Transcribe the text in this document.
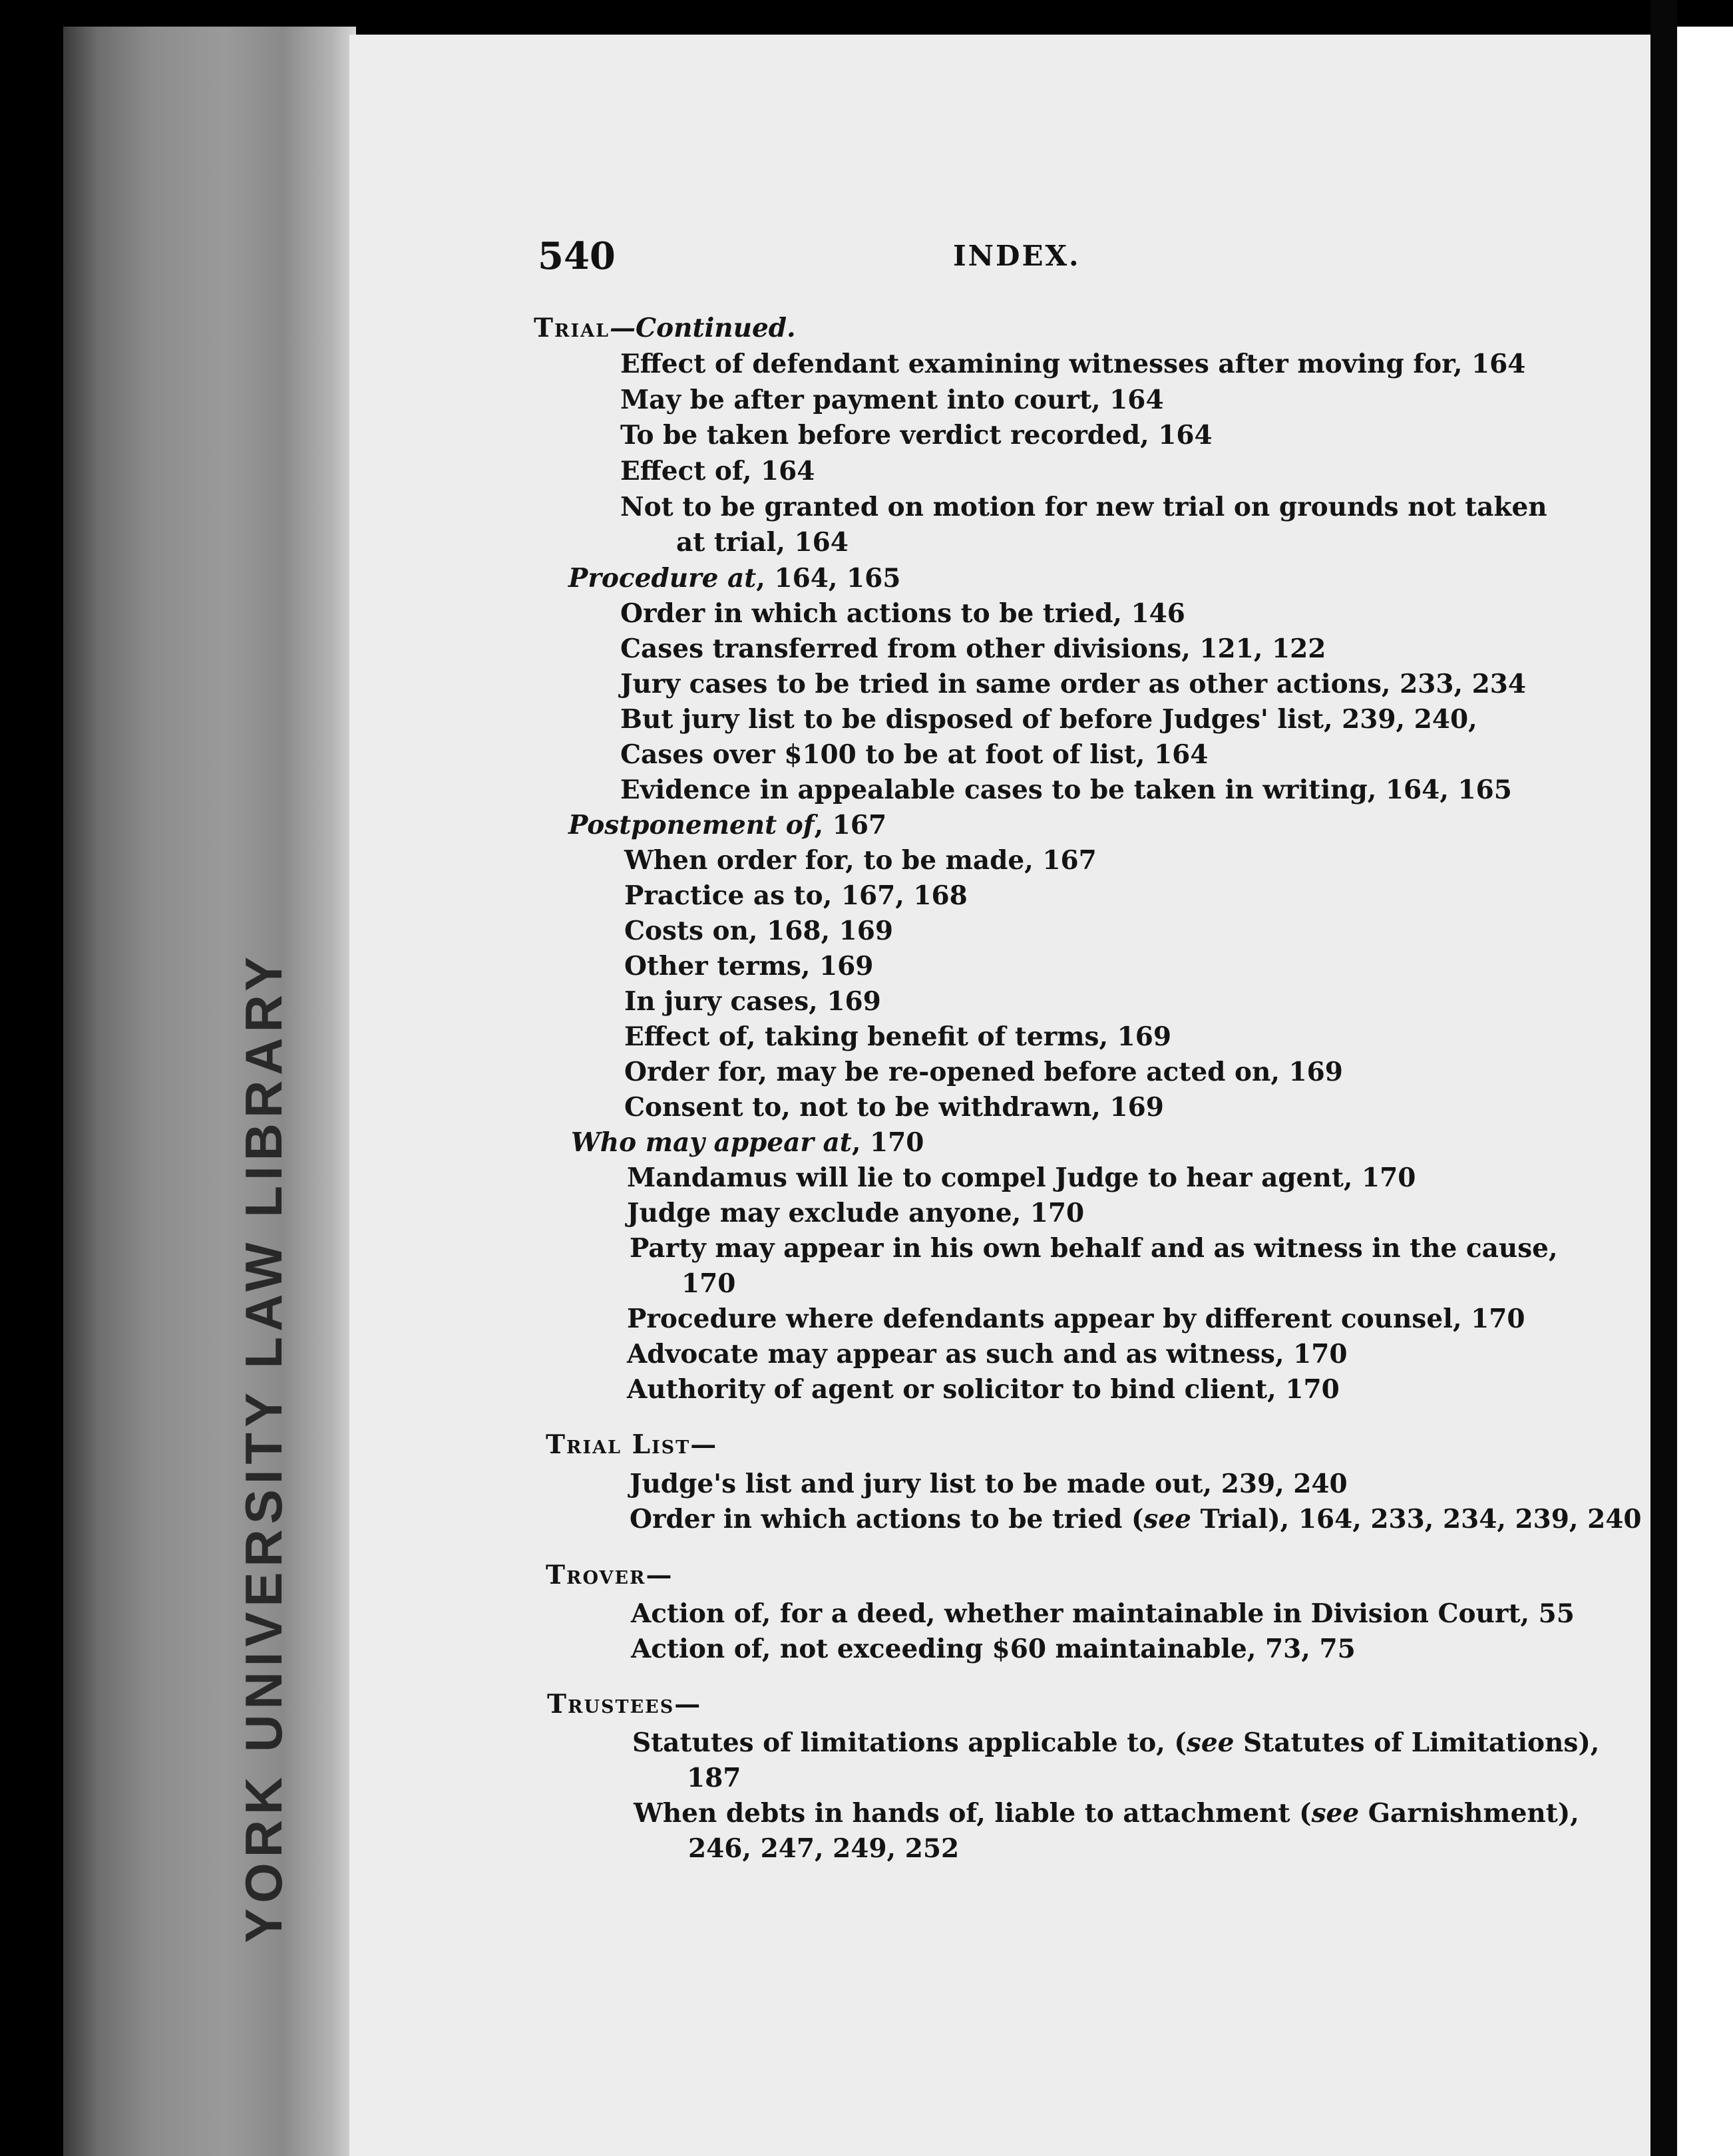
YORK UNIVERSITY LAW LIBRARY
540	INDEX.
Trial—Continued.
Effect of defendant examining witnesses after moving for, 164
May be after payment into court, 164
To be taken before verdict recorded, 164
Effect of, 164
Not to be granted on motion for new trial on grounds not taken
at trial, 164
Procedure at, 164, 165
Order in which actions to be tried, 146
Cases transferred from other divisions, 121, 122
Jury cases to be tried in same order as other actions, 233, 234
But jury list to be disposed of before Judges' list, 239, 240,
Cases over $100 to be at foot of list, 164
Evidence in appealable cases to be taken in writing, 164, 165
Postponement of, 167
When order for, to be made, 167
Practice as to, 167, 168
Costs on, 168, 169
Other terms, 169
In jury cases, 169
Effect of, taking benefit of terms, 169
Order for, may be re-opened before acted on, 169
Consent to, not to be withdrawn, 169
Who may appear at, 170
Mandamus will lie to compel Judge to hear agent, 170
Judge may exclude anyone, 170
Party may appear in his own behalf and as witness in the cause,
170
Procedure where defendants appear by different counsel, 170
Advocate may appear as such and as witness, 170
Authority of agent or solicitor to bind client, 170
Trial List—
Judge's list and jury list to be made out, 239, 240
Order in which actions to be tried (see Trial), 164, 233, 234, 239, 240
Trover—
Action of, for a deed, whether maintainable in Division Court, 55
Action of, not exceeding $60 maintainable, 73, 75
Trustees—
Statutes of limitations applicable to, (see Statutes of Limitations),
187
When debts in hands of, liable to attachment (see Garnishment),
246, 247, 249, 252
